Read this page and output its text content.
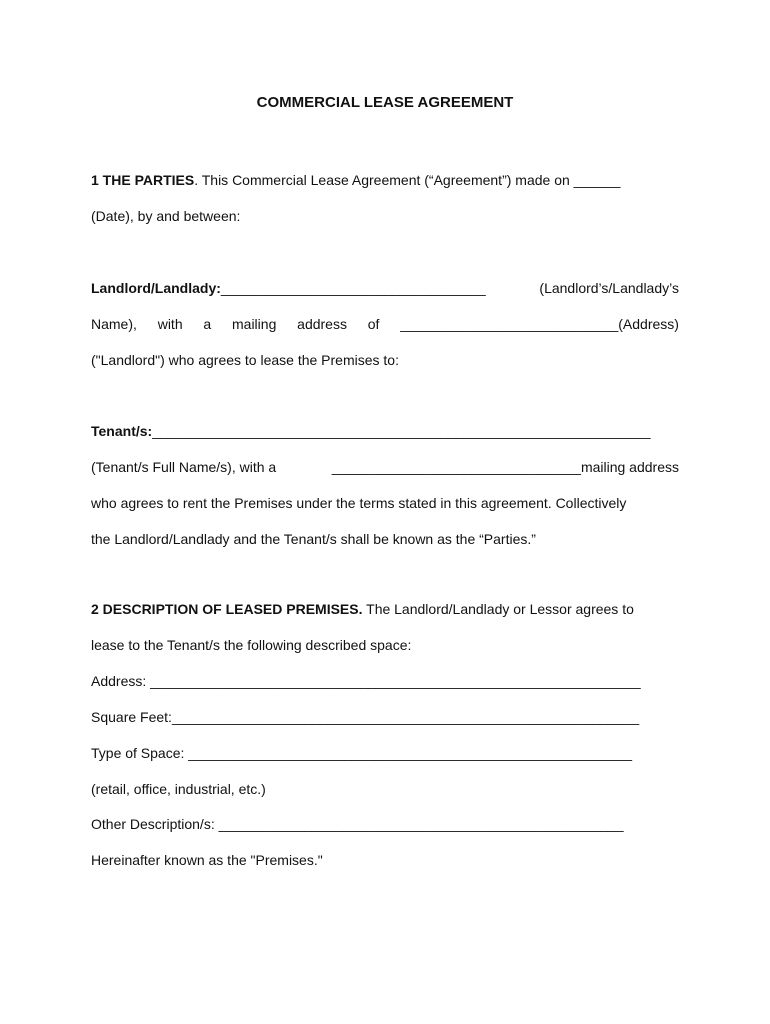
COMMERCIAL LEASE AGREEMENT
1 THE PARTIES. This Commercial Lease Agreement (“Agreement”) made on ______
(Date), by and between:
Landlord/Landlady:__________________________________	(Landlord’s/Landlady’s
Name), with a mailing address of ____________________________(Address)
("Landlord") who agrees to lease the Premises to:
Tenant/s:________________________________________________________________
(Tenant/s Full Name/s), with a	________________________________mailing address
who agrees to rent the Premises under the terms stated in this agreement. Collectively
the Landlord/Landlady and the Tenant/s shall be known as the “Parties.”
2 DESCRIPTION OF LEASED PREMISES. The Landlord/Landlady or Lessor agrees to
lease to the Tenant/s the following described space:
Address: _______________________________________________________________
Square Feet:____________________________________________________________
Type of Space: _________________________________________________________
(retail, office, industrial, etc.)
Other Description/s: ____________________________________________________
Hereinafter known as the "Premises."
